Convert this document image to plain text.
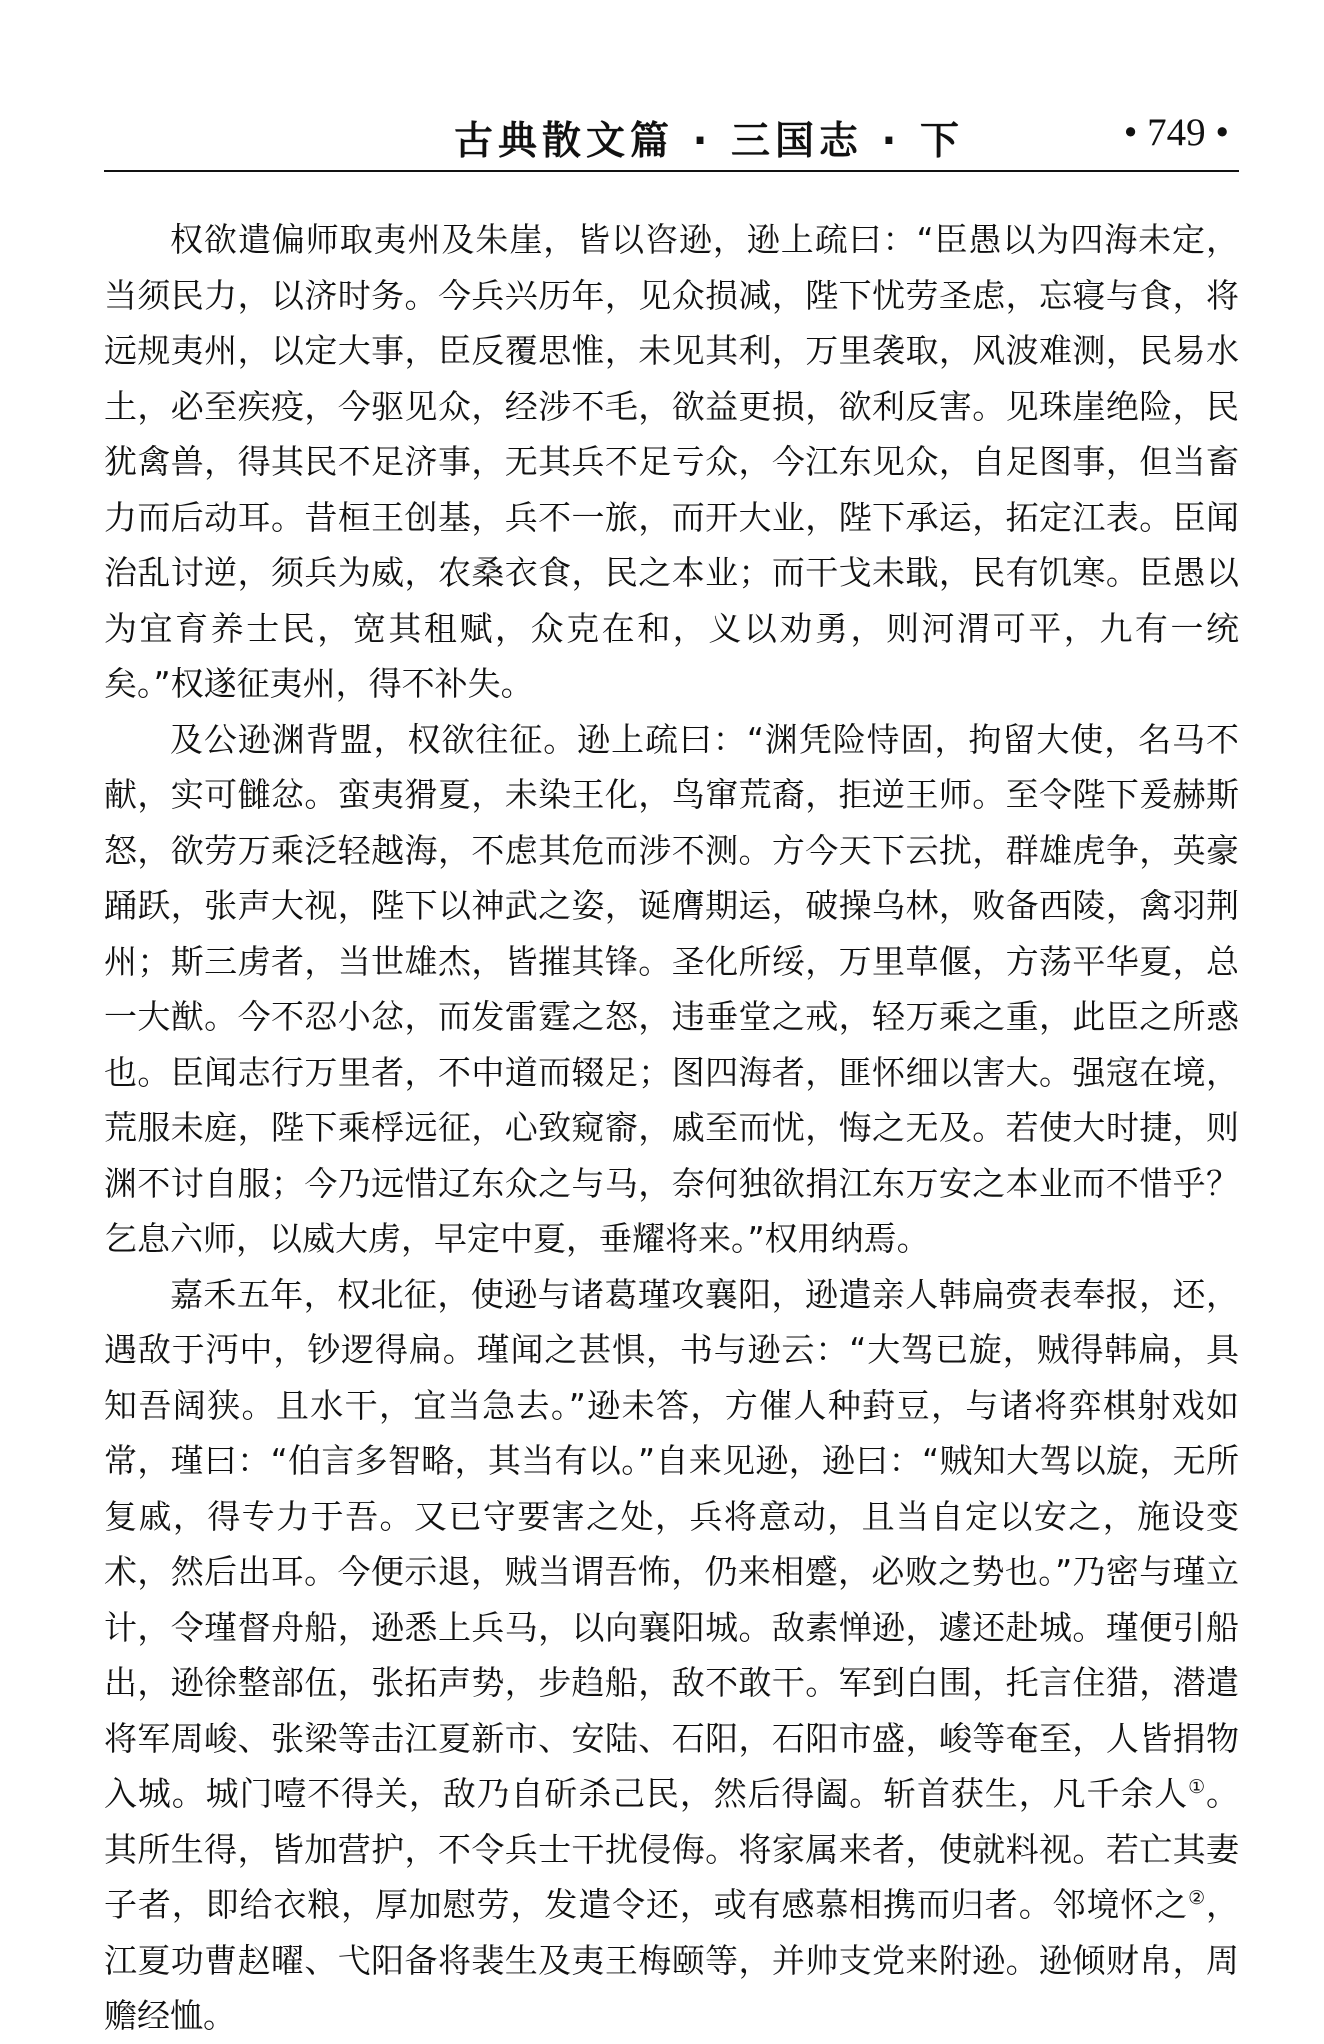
古典散文篇 · 三国志 · 下	• 749 •

权欲遣偏师取夷州及朱崖，皆以咨逊，逊上疏曰：“臣愚以为四海未定，当须民力，以济时务。今兵兴历年，见众损减，陛下忧劳圣虑，忘寝与食，将远规夷州，以定大事，臣反覆思惟，未见其利，万里袭取，风波难测，民易水土，必至疾疫，今驱见众，经涉不毛，欲益更损，欲利反害。见珠崖绝险，民犹禽兽，得其民不足济事，无其兵不足亏众，今江东见众，自足图事，但当畜力而后动耳。昔桓王创基，兵不一旅，而开大业，陛下承运，拓定江表。臣闻治乱讨逆，须兵为威，农桑衣食，民之本业；而干戈未戢，民有饥寒。臣愚以为宜育养士民，宽其租赋，众克在和，义以劝勇，则河渭可平，九有一统矣。”权遂征夷州，得不补失。

及公逊渊背盟，权欲往征。逊上疏曰：“渊凭险恃固，拘留大使，名马不献，实可雠忿。蛮夷猾夏，未染王化，鸟窜荒裔，拒逆王师。至令陛下爰赫斯怒，欲劳万乘泛轻越海，不虑其危而涉不测。方今天下云扰，群雄虎争，英豪踊跃，张声大视，陛下以神武之姿，诞膺期运，破操乌林，败备西陵，禽羽荆州；斯三虏者，当世雄杰，皆摧其锋。圣化所绥，万里草偃，方荡平华夏，总一大猷。今不忍小忿，而发雷霆之怒，违垂堂之戒，轻万乘之重，此臣之所惑也。臣闻志行万里者，不中道而辍足；图四海者，匪怀细以害大。强寇在境，荒服未庭，陛下乘桴远征，心致窥窬，戚至而忧，悔之无及。若使大时捷，则渊不讨自服；今乃远惜辽东众之与马，奈何独欲捐江东万安之本业而不惜乎？乞息六师，以威大虏，早定中夏，垂耀将来。”权用纳焉。

嘉禾五年，权北征，使逊与诸葛瑾攻襄阳，逊遣亲人韩扁赍表奉报，还，遇敌于沔中，钞逻得扁。瑾闻之甚惧，书与逊云：“大驾已旋，贼得韩扁，具知吾阔狭。且水干，宜当急去。”逊未答，方催人种葑豆，与诸将弈棋射戏如常，瑾曰：“伯言多智略，其当有以。”自来见逊，逊曰：“贼知大驾以旋，无所复戚，得专力于吾。又已守要害之处，兵将意动，且当自定以安之，施设变术，然后出耳。今便示退，贼当谓吾怖，仍来相蹙，必败之势也。”乃密与瑾立计，令瑾督舟船，逊悉上兵马，以向襄阳城。敌素惮逊，遽还赴城。瑾便引船出，逊徐整部伍，张拓声势，步趋船，敌不敢干。军到白围，托言住猎，潜遣将军周峻、张梁等击江夏新市、安陆、石阳，石阳市盛，峻等奄至，人皆捐物入城。城门噎不得关，敌乃自斫杀己民，然后得阖。斩首获生，凡千余人①。其所生得，皆加营护，不令兵士干扰侵侮。将家属来者，使就料视。若亡其妻子者，即给衣粮，厚加慰劳，发遣令还，或有感慕相携而归者。邻境怀之②，江夏功曹赵曜、弋阳备将裴生及夷王梅颐等，并帅支党来附逊。逊倾财帛，周赡经恤。
